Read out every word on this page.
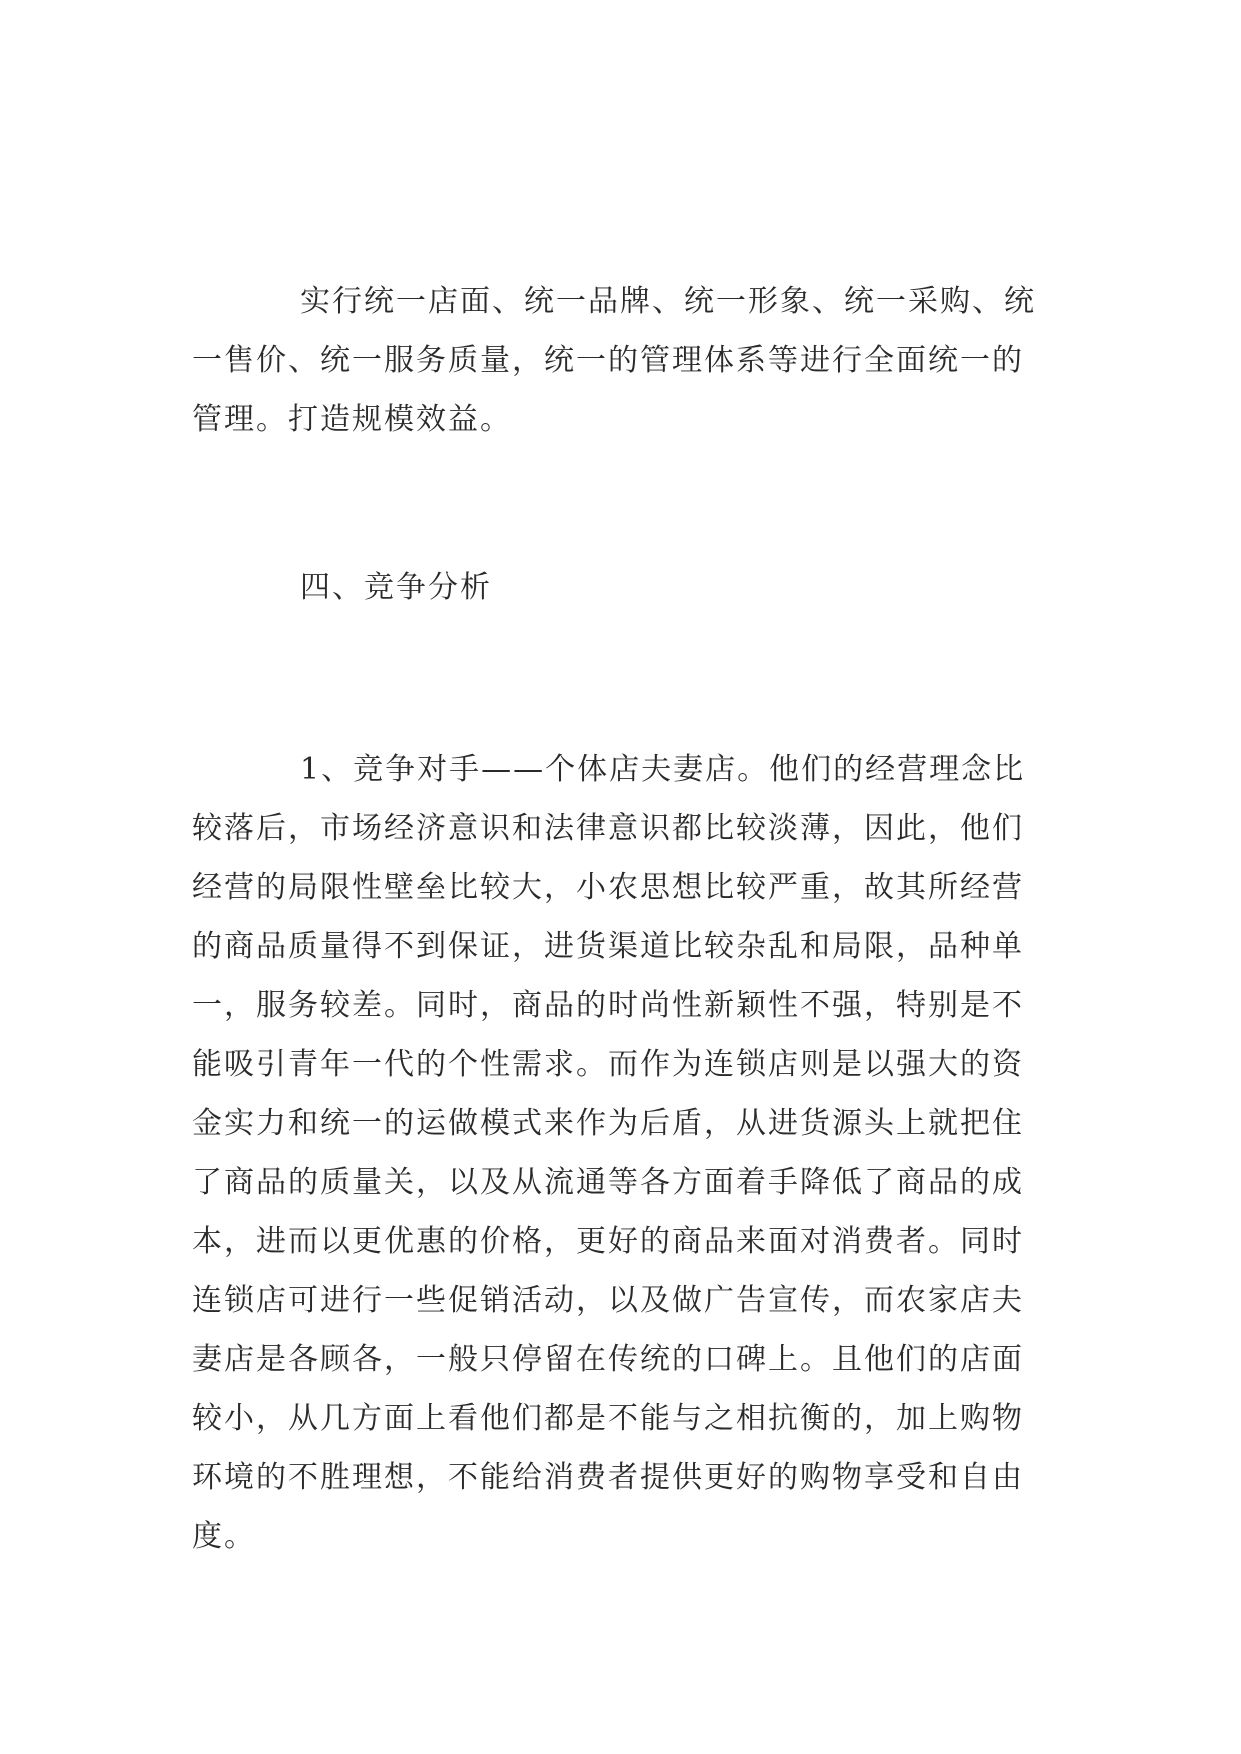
实行统一店面、统一品牌、统一形象、统一采购、统
一售价、统一服务质量，统一的管理体系等进行全面统一的
管理。打造规模效益。
四、竞争分析
1、竞争对手——个体店夫妻店。他们的经营理念比
较落后，市场经济意识和法律意识都比较淡薄，因此，他们
经营的局限性壁垒比较大，小农思想比较严重，故其所经营
的商品质量得不到保证，进货渠道比较杂乱和局限，品种单
一，服务较差。同时，商品的时尚性新颖性不强，特别是不
能吸引青年一代的个性需求。而作为连锁店则是以强大的资
金实力和统一的运做模式来作为后盾，从进货源头上就把住
了商品的质量关，以及从流通等各方面着手降低了商品的成
本，进而以更优惠的价格，更好的商品来面对消费者。同时
连锁店可进行一些促销活动，以及做广告宣传，而农家店夫
妻店是各顾各，一般只停留在传统的口碑上。且他们的店面
较小，从几方面上看他们都是不能与之相抗衡的，加上购物
环境的不胜理想，不能给消费者提供更好的购物享受和自由
度。
